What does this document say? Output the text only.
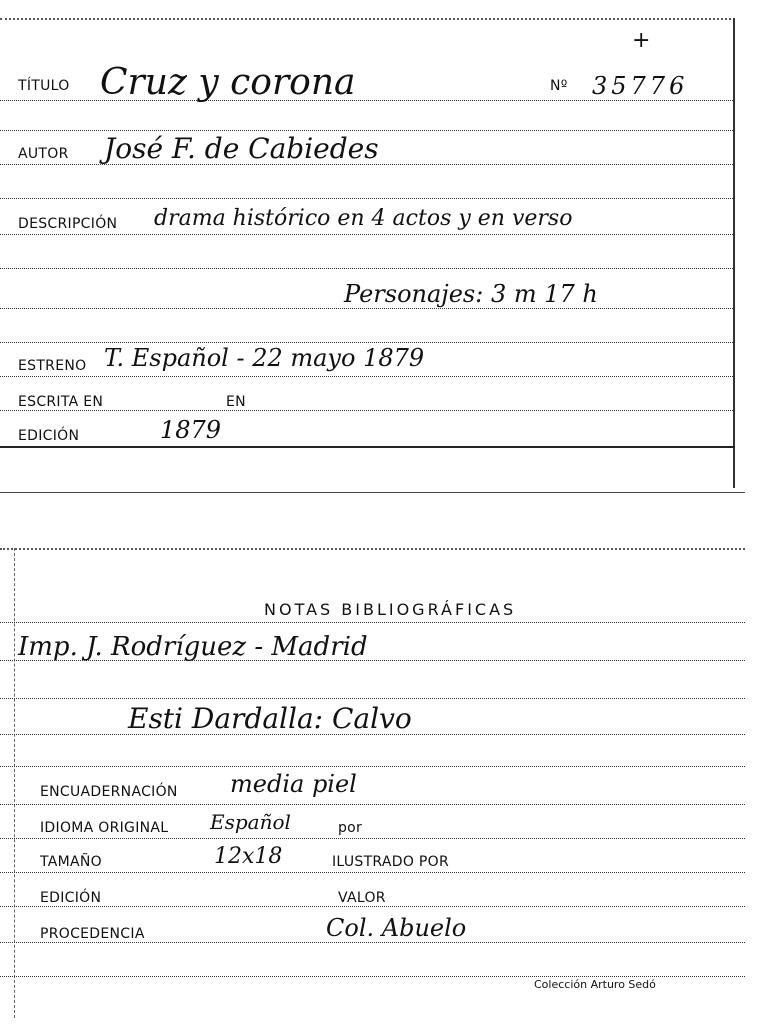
+
TÍTULO Cruz y corona	Nº 35776
AUTOR José F. de Cabiedes
DESCRIPCIÓN drama histórico en 4 actos y en verso
Personajes: 3 m 17 h
ESTRENO T. Español - 22 mayo 1879
ESCRITA EN	EN
EDICIÓN	1879
NOTAS BIBLIOGRÁFICAS
Imp. J. Rodríguez - Madrid
Esti Dardalla: Calvo
ENCUADERNACIÓN media piel
IDIOMA ORIGINAL Español	por
TAMAÑO	12x18	ILUSTRADO POR
EDICIÓN	VALOR
PROCEDENCIA	Col. Abuelo
Colección Arturo Sedó
